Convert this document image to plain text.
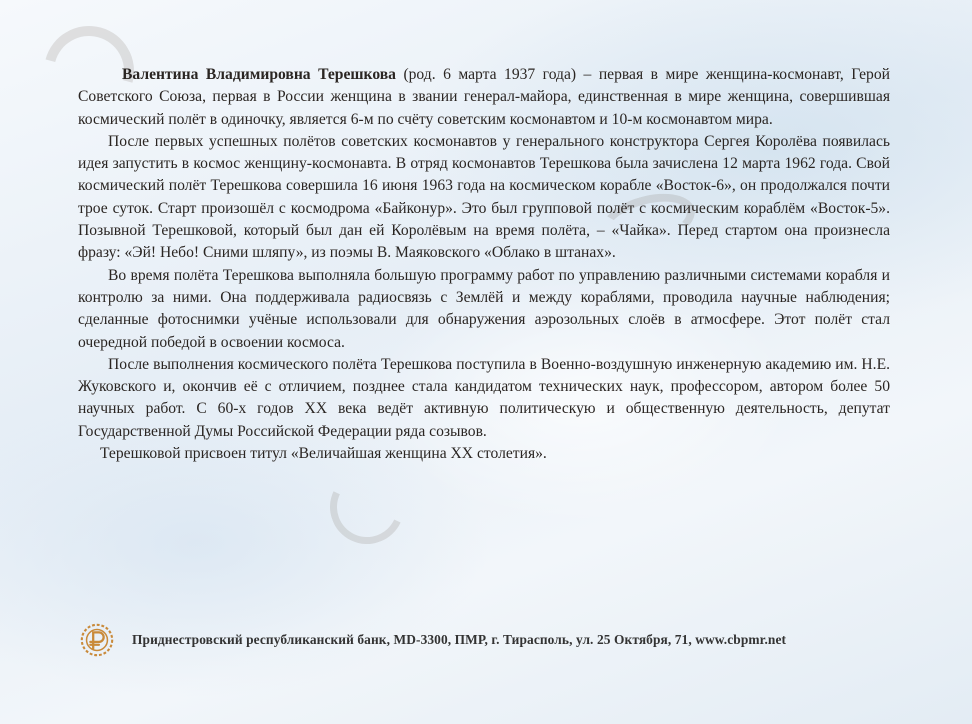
Валентина Владимировна Терешкова (род. 6 марта 1937 года) – первая в мире женщина-космонавт, Герой Советского Союза, первая в России женщина в звании генерал-майора, единственная в мире женщина, совершившая космический полёт в одиночку, является 6-м по счёту советским космонавтом и 10-м космонавтом мира.

После первых успешных полётов советских космонавтов у генерального конструктора Сергея Королёва появилась идея запустить в космос женщину-космонавта. В отряд космонавтов Терешкова была зачислена 12 марта 1962 года. Свой космический полёт Терешкова совершила 16 июня 1963 года на космическом корабле «Восток-6», он продолжался почти трое суток. Старт произошёл с космодрома «Байконур». Это был групповой полёт с космическим кораблём «Восток-5». Позывной Терешковой, который был дан ей Королёвым на время полёта, – «Чайка». Перед стартом она произнесла фразу: «Эй! Небо! Сними шляпу», из поэмы В. Маяковского «Облако в штанах».

Во время полёта Терешкова выполняла большую программу работ по управлению различными системами корабля и контролю за ними. Она поддерживала радиосвязь с Землёй и между кораблями, проводила научные наблюдения; сделанные фотоснимки учёные использовали для обнаружения аэрозольных слоёв в атмосфере. Этот полёт стал очередной победой в освоении космоса.

После выполнения космического полёта Терешкова поступила в Военно-воздушную инженерную академию им. Н.Е. Жуковского и, окончив её с отличием, позднее стала кандидатом технических наук, профессором, автором более 50 научных работ. С 60-х годов XX века ведёт активную политическую и общественную деятельность, депутат Государственной Думы Российской Федерации ряда созывов.

Терешковой присвоен титул «Величайшая женщина XX столетия».

Приднестровский республиканский банк, MD-3300, ПМР, г. Тирасполь, ул. 25 Октября, 71, www.cbpmr.net
